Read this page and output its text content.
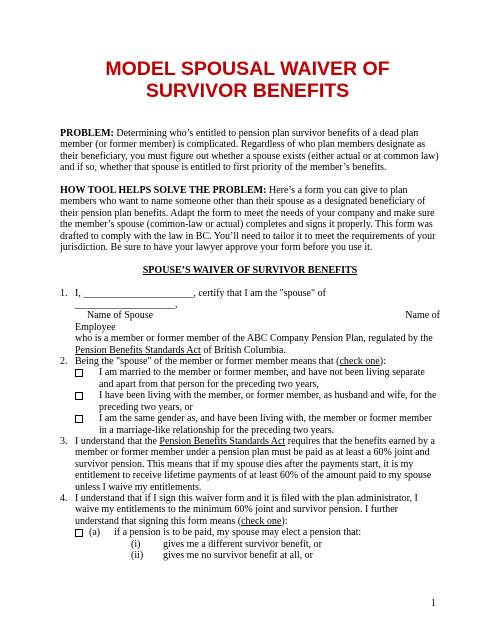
MODEL SPOUSAL WAIVER OF SURVIVOR BENEFITS

PROBLEM: Determining who’s entitled to pension plan survivor benefits of a dead plan member (or former member) is complicated. Regardless of who plan members designate as their beneficiary, you must figure out whether a spouse exists (either actual or at common law) and if so, whether that spouse is entitled to first priority of the member’s benefits.

HOW TOOL HELPS SOLVE THE PROBLEM: Here’s a form you can give to plan members who want to name someone other than their spouse as a designated beneficiary of their pension plan benefits. Adapt the form to meet the needs of your company and make sure the member’s spouse (common-law or actual) completes and signs it properly. This form was drafted to comply with the law in BC. You’ll need to tailor it to meet the requirements of your jurisdiction. Be sure to have your lawyer approve your form before you use it.

SPOUSE’S WAIVER OF SURVIVOR BENEFITS

1. I, ______________________, certify that I am the "spouse" of
____________________,
Name of Spouse	Name of
Employee
who is a member or former member of the ABC Company Pension Plan, regulated by the Pension Benefits Standards Act of British Columbia.
2. Being the "spouse" of the member or former member means that (check one):
I am married to the member or former member, and have not been living separate and apart from that person for the preceding two years,
I have been living with the member, or former member, as husband and wife, for the preceding two years, or
I am the same gender as, and have been living with, the member or former member in a marriage-like relationship for the preceding two years.
3. I understand that the Pension Benefits Standards Act requires that the benefits earned by a member or former member under a pension plan must be paid as at least a 60% joint and survivor pension. This means that if my spouse dies after the payments start, it is my entitlement to receive lifetime payments of at least 60% of the amount paid to my spouse unless I waive my entitlements.
4. I understand that if I sign this waiver form and it is filed with the plan administrator, I waive my entitlements to the minimum 60% joint and survivor pension. I further understand that signing this form means (check one):
(a)	if a pension is to be paid, my spouse may elect a pension that:
(i)	gives me a different survivor benefit, or
(ii)	gives me no survivor benefit at all, or
1
